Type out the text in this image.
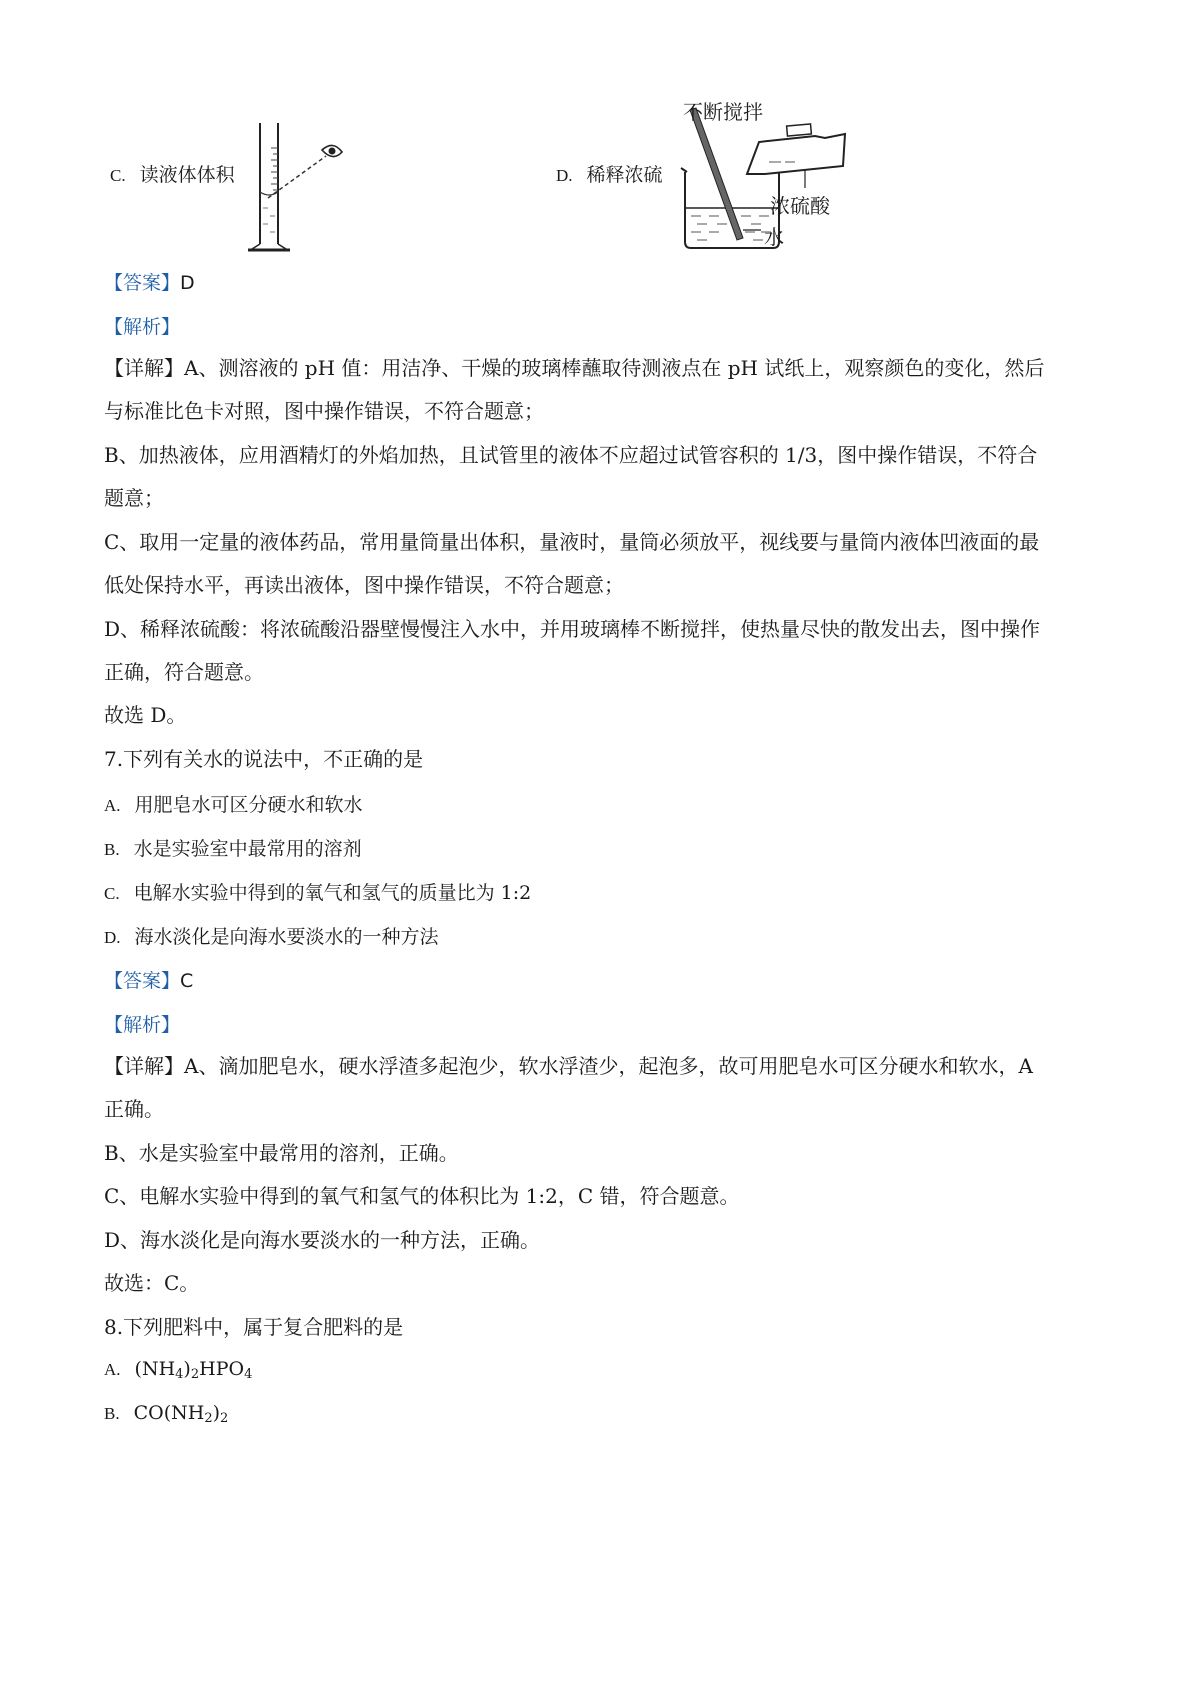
C. 读液体体积	D. 稀释浓硫
不断搅拌
浓硫酸
水
【答案】D
【解析】
【详解】A、测溶液的 pH 值：用洁净、干燥的玻璃棒蘸取待测液点在 pH 试纸上，观察颜色的变化，然后
与标准比色卡对照，图中操作错误，不符合题意；
B、加热液体，应用酒精灯的外焰加热，且试管里的液体不应超过试管容积的 1/3，图中操作错误，不符合
题意；
C、取用一定量的液体药品，常用量筒量出体积，量液时，量筒必须放平，视线要与量筒内液体凹液面的最
低处保持水平，再读出液体，图中操作错误，不符合题意；
D、稀释浓硫酸：将浓硫酸沿器壁慢慢注入水中，并用玻璃棒不断搅拌，使热量尽快的散发出去，图中操作
正确，符合题意。
故选 D。
7.下列有关水的说法中，不正确的是
A. 用肥皂水可区分硬水和软水
B. 水是实验室中最常用的溶剂
C. 电解水实验中得到的氧气和氢气的质量比为 1:2
D. 海水淡化是向海水要淡水的一种方法
【答案】C
【解析】
【详解】A、滴加肥皂水，硬水浮渣多起泡少，软水浮渣少，起泡多，故可用肥皂水可区分硬水和软水，A
正确。
B、水是实验室中最常用的溶剂，正确。
C、电解水实验中得到的氧气和氢气的体积比为 1:2，C 错，符合题意。
D、海水淡化是向海水要淡水的一种方法，正确。
故选：C。
8.下列肥料中，属于复合肥料的是
A. $(NH_4)_2HPO_4$
B. $CO(NH_2)_2$
